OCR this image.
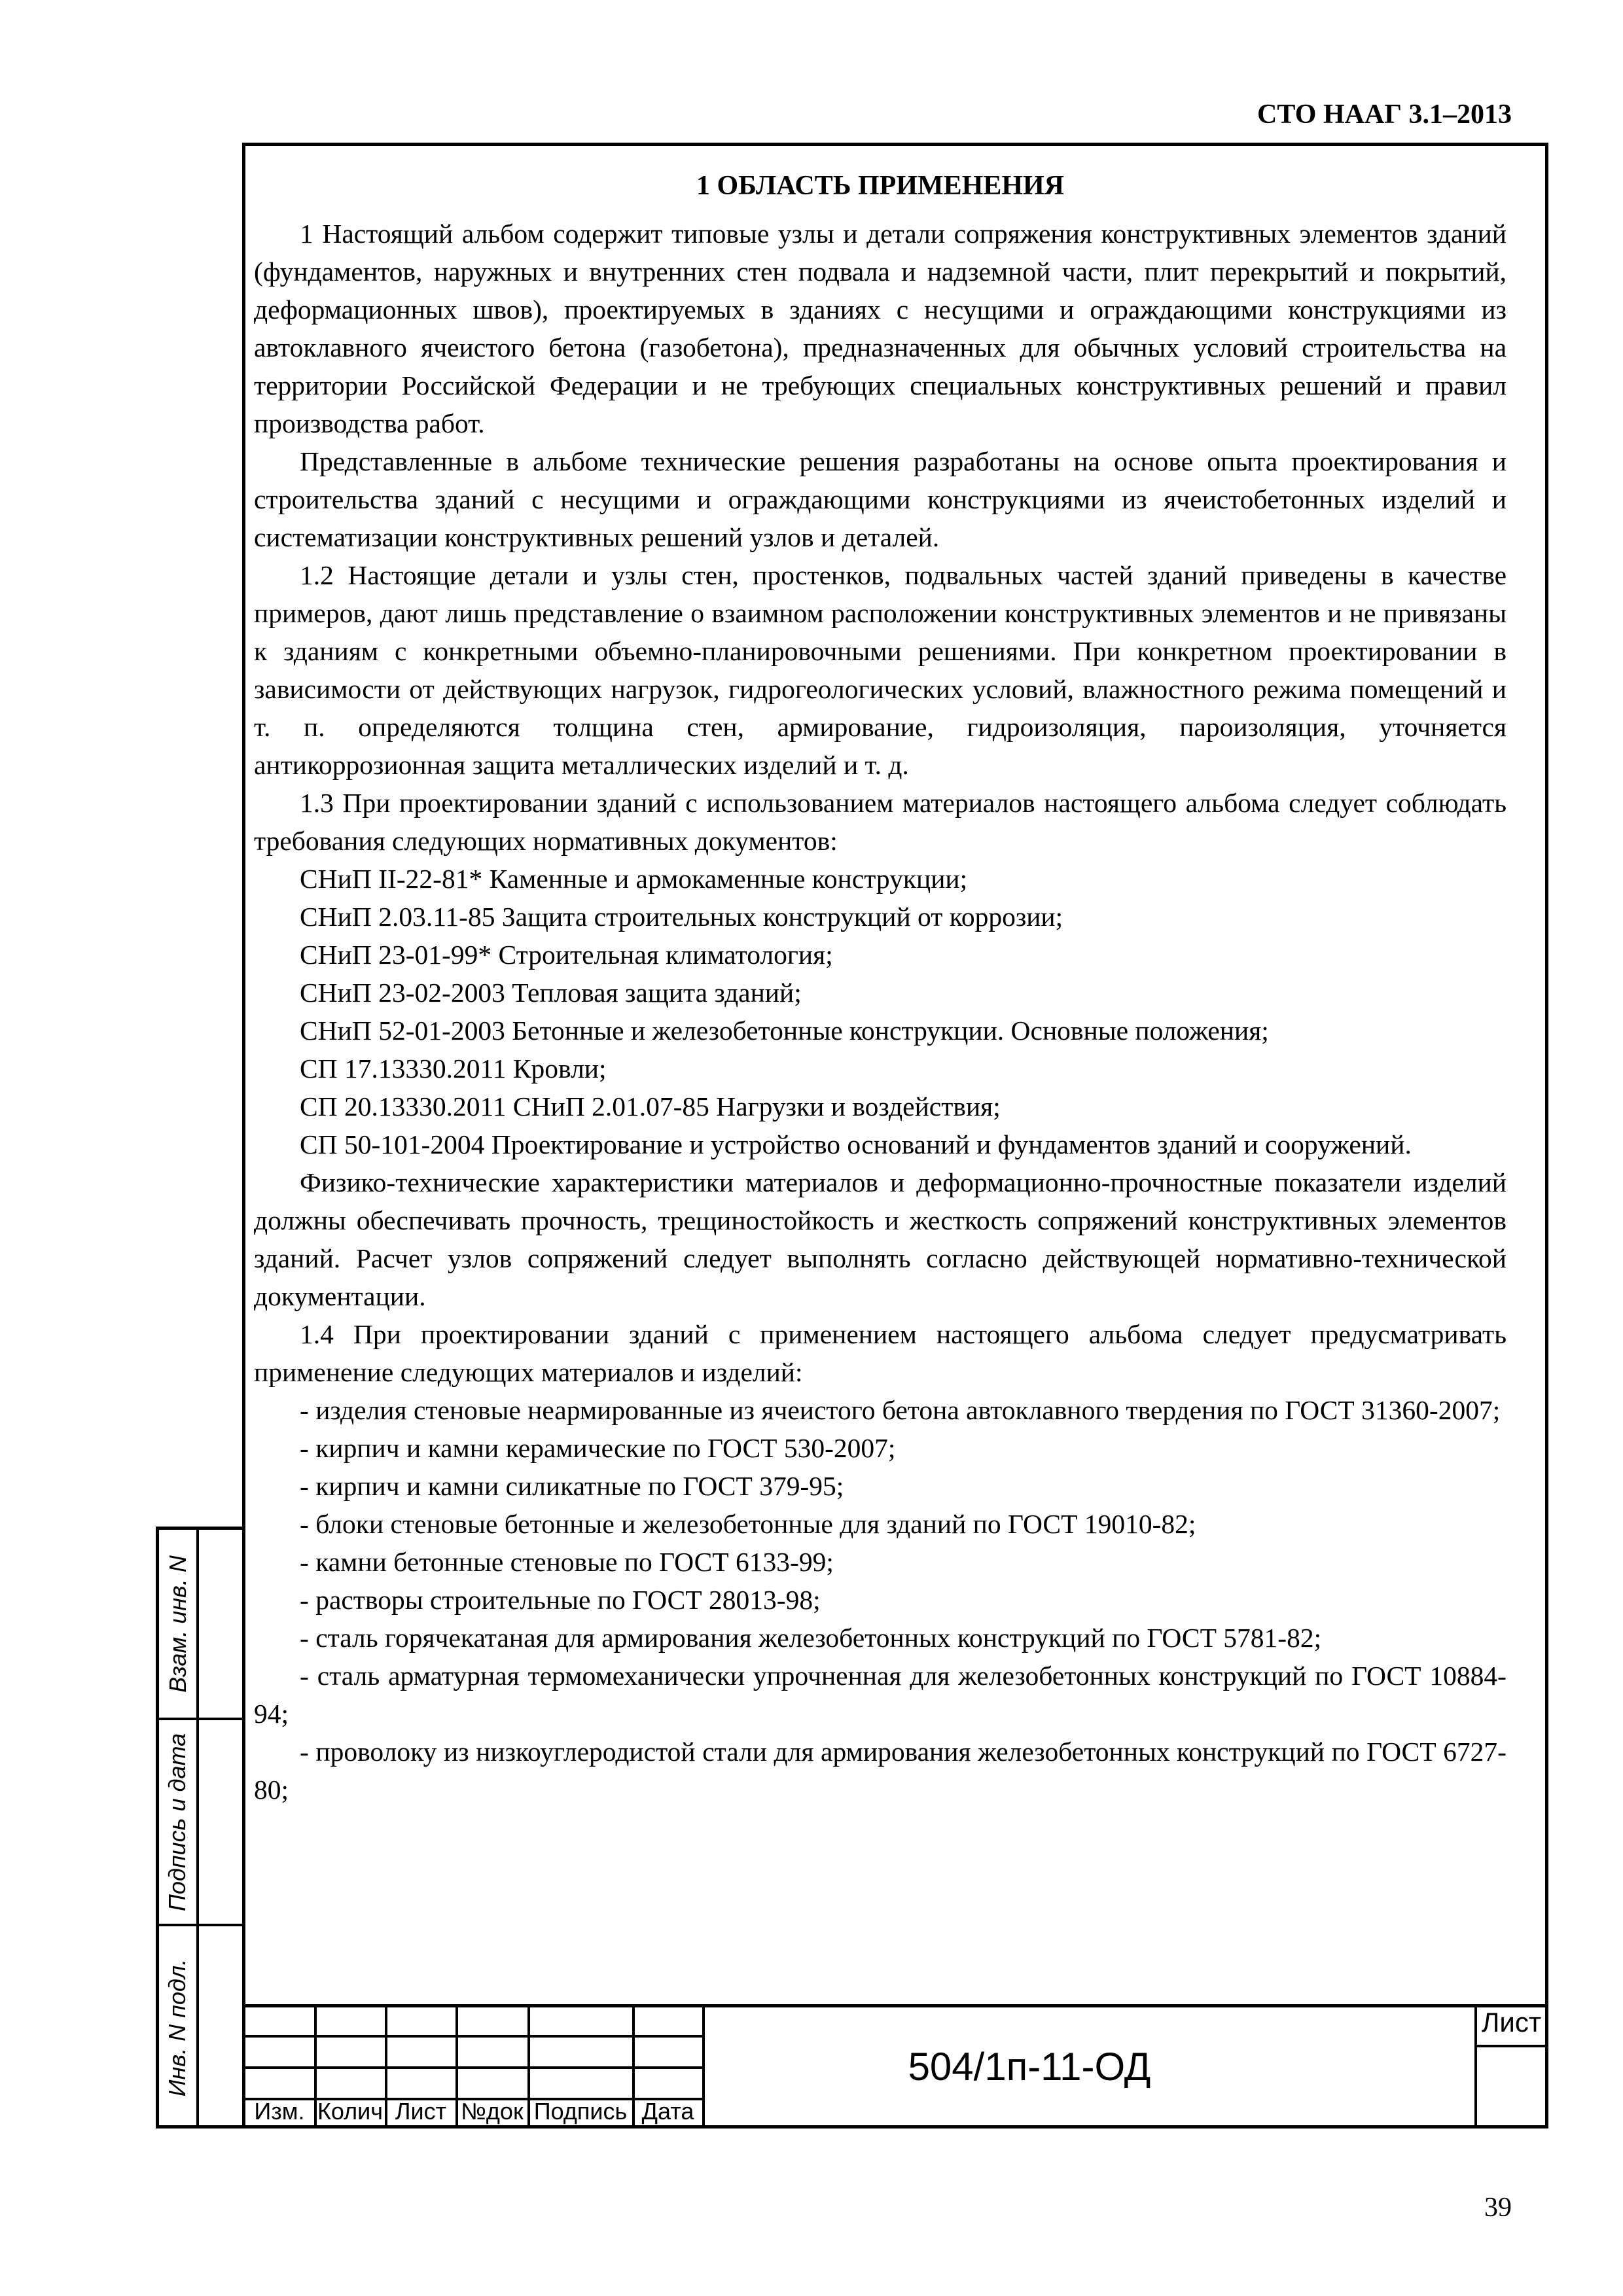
СТО НААГ 3.1–2013
1 ОБЛАСТЬ ПРИМЕНЕНИЯ

1 Настоящий альбом содержит типовые узлы и детали сопряжения конструктивных элементов зданий (фундаментов, наружных и внутренних стен подвала и надземной части, плит перекрытий и покрытий, деформационных швов), проектируемых в зданиях с несущими и ограждающими конструкциями из автоклавного ячеистого бетона (газобетона), предназначенных для обычных условий строительства на территории Российской Федерации и не требующих специальных конструктивных решений и правил производства работ.

Представленные в альбоме технические решения разработаны на основе опыта проектирования и строительства зданий с несущими и ограждающими конструкциями из ячеистобетонных изделий и систематизации конструктивных решений узлов и деталей.

1.2 Настоящие детали и узлы стен, простенков, подвальных частей зданий приведены в качестве примеров, дают лишь представление о взаимном расположении конструктивных элементов и не привязаны к зданиям с конкретными объемно-планировочными решениями. При конкретном проектировании в зависимости от действующих нагрузок, гидрогеологических условий, влажностного режима помещений и т. п. определяются толщина стен, армирование, гидроизоляция, пароизоляция, уточняется антикоррозионная защита металлических изделий и т. д.

1.3 При проектировании зданий с использованием материалов настоящего альбома следует соблюдать требования следующих нормативных документов:

СНиП II-22-81* Каменные и армокаменные конструкции;

СНиП 2.03.11-85 Защита строительных конструкций от коррозии;

СНиП 23-01-99* Строительная климатология;

СНиП 23-02-2003 Тепловая защита зданий;

СНиП 52-01-2003 Бетонные и железобетонные конструкции. Основные положения;

СП 17.13330.2011 Кровли;

СП 20.13330.2011 СНиП 2.01.07-85 Нагрузки и воздействия;

СП 50-101-2004 Проектирование и устройство оснований и фундаментов зданий и сооружений.

Физико-технические характеристики материалов и деформационно-прочностные показатели изделий должны обеспечивать прочность, трещиностойкость и жесткость сопряжений конструктивных элементов зданий. Расчет узлов сопряжений следует выполнять согласно действующей нормативно-технической документации.

1.4 При проектировании зданий с применением настоящего альбома следует предусматривать применение следующих материалов и изделий:

- изделия стеновые неармированные из ячеистого бетона автоклавного твердения по ГОСТ 31360-2007;

- кирпич и камни керамические по ГОСТ 530-2007;

- кирпич и камни силикатные по ГОСТ 379-95;

- блоки стеновые бетонные и железобетонные для зданий по ГОСТ 19010-82;

- камни бетонные стеновые по ГОСТ 6133-99;

- растворы строительные по ГОСТ 28013-98;

- сталь горячекатаная для армирования железобетонных конструкций по ГОСТ 5781-82;

- сталь арматурная термомеханически упрочненная для железобетонных конструкций по ГОСТ 10884-94;

- проволоку из низкоуглеродистой стали для армирования железобетонных конструкций по ГОСТ 6727-80;

Взам. инв. N
Подпись и дата
Инв. N подл.
Изм. Колич Лист №док Подпись Дата
504/1п-11-ОД
Лист
39
